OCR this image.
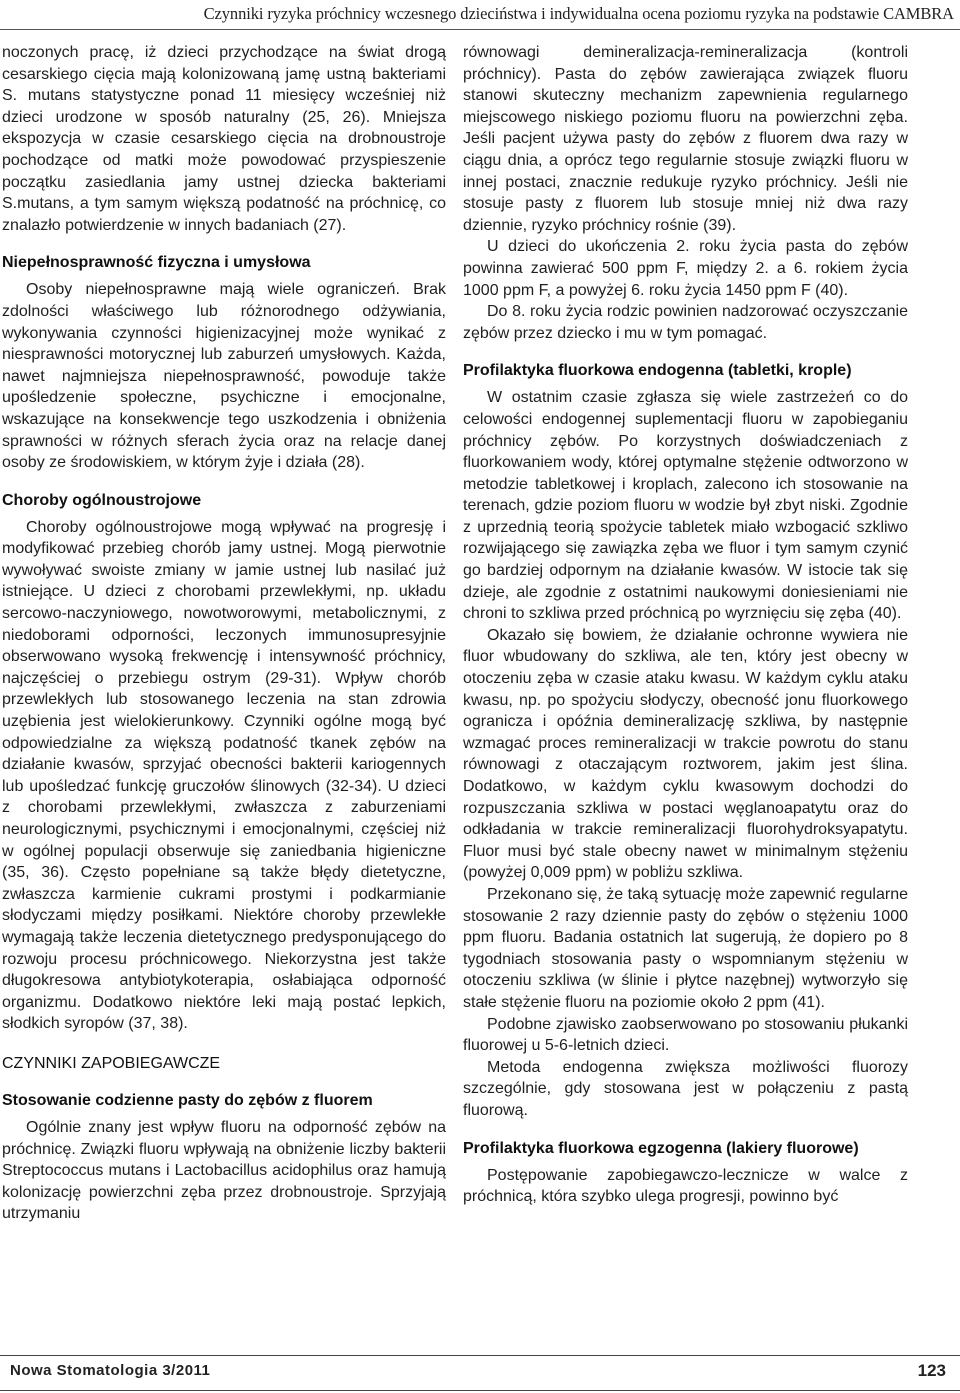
Czynniki ryzyka próchnicy wczesnego dzieciństwa i indywidualna ocena poziomu ryzyka na podstawie CAMBRA

noczonych pracę, iż dzieci przychodzące na świat drogą cesarskiego cięcia mają kolonizowaną jamę ustną bakteriami S. mutans statystyczne ponad 11 miesięcy wcześniej niż dzieci urodzone w sposób naturalny (25, 26). Mniejsza ekspozycja w czasie cesarskiego cięcia na drobnoustroje pochodzące od matki może powodować przyspieszenie początku zasiedlania jamy ustnej dziecka bakteriami S.mutans, a tym samym większą podatność na próchnicę, co znalazło potwierdzenie w innych badaniach (27).

Niepełnosprawność fizyczna i umysłowa

Osoby niepełnosprawne mają wiele ograniczeń. Brak zdolności właściwego lub różnorodnego odżywiania, wykonywania czynności higienizacyjnej może wynikać z niesprawności motorycznej lub zaburzeń umysłowych. Każda, nawet najmniejsza niepełnosprawność, powoduje także upośledzenie społeczne, psychiczne i emocjonalne, wskazujące na konsekwencje tego uszkodzenia i obniżenia sprawności w różnych sferach życia oraz na relacje danej osoby ze środowiskiem, w którym żyje i działa (28).

Choroby ogólnoustrojowe

Choroby ogólnoustrojowe mogą wpływać na progresję i modyfikować przebieg chorób jamy ustnej. Mogą pierwotnie wywoływać swoiste zmiany w jamie ustnej lub nasilać już istniejące. U dzieci z chorobami przewlekłymi, np. układu sercowo-naczyniowego, nowotworowymi, metabolicznymi, z niedoborami odporności, leczonych immunosupresyjnie obserwowano wysoką frekwencję i intensywność próchnicy, najczęściej o przebiegu ostrym (29-31). Wpływ chorób przewlekłych lub stosowanego leczenia na stan zdrowia uzębienia jest wielokierunkowy. Czynniki ogólne mogą być odpowiedzialne za większą podatność tkanek zębów na działanie kwasów, sprzyjać obecności bakterii kariogennych lub upośledzać funkcję gruczołów ślinowych (32-34). U dzieci z chorobami przewlekłymi, zwłaszcza z zaburzeniami neurologicznymi, psychicznymi i emocjonalnymi, częściej niż w ogólnej populacji obserwuje się zaniedbania higieniczne (35, 36). Często popełniane są także błędy dietetyczne, zwłaszcza karmienie cukrami prostymi i podkarmianie słodyczami między posiłkami. Niektóre choroby przewlekłe wymagają także leczenia dietetycznego predysponującego do rozwoju procesu próchnicowego. Niekorzystna jest także długokresowa antybiotykoterapia, osłabiająca odporność organizmu. Dodatkowo niektóre leki mają postać lepkich, słodkich syropów (37, 38).

CZYNNIKI ZAPOBIEGAWCZE
Stosowanie codzienne pasty do zębów z fluorem

Ogólnie znany jest wpływ fluoru na odporność zębów na próchnicę. Związki fluoru wpływają na obniżenie liczby bakterii Streptococcus mutans i Lactobacillus acidophilus oraz hamują kolonizację powierzchni zęba przez drobnoustroje. Sprzyjają utrzymaniu

równowagi demineralizacja-remineralizacja (kontroli próchnicy). Pasta do zębów zawierająca związek fluoru stanowi skuteczny mechanizm zapewnienia regularnego miejscowego niskiego poziomu fluoru na powierzchni zęba. Jeśli pacjent używa pasty do zębów z fluorem dwa razy w ciągu dnia, a oprócz tego regularnie stosuje związki fluoru w innej postaci, znacznie redukuje ryzyko próchnicy. Jeśli nie stosuje pasty z fluorem lub stosuje mniej niż dwa razy dziennie, ryzyko próchnicy rośnie (39).

U dzieci do ukończenia 2. roku życia pasta do zębów powinna zawierać 500 ppm F, między 2. a 6. rokiem życia 1000 ppm F, a powyżej 6. roku życia 1450 ppm F (40).

Do 8. roku życia rodzic powinien nadzorować oczyszczanie zębów przez dziecko i mu w tym pomagać.

Profilaktyka fluorkowa endogenna (tabletki, krople)

W ostatnim czasie zgłasza się wiele zastrzeżeń co do celowości endogennej suplementacji fluoru w zapobieganiu próchnicy zębów. Po korzystnych doświadczeniach z fluorkowaniem wody, której optymalne stężenie odtworzono w metodzie tabletkowej i kroplach, zalecono ich stosowanie na terenach, gdzie poziom fluoru w wodzie był zbyt niski. Zgodnie z uprzednią teorią spożycie tabletek miało wzbogacić szkliwo rozwijającego się zawiązka zęba we fluor i tym samym czynić go bardziej odpornym na działanie kwasów. W istocie tak się dzieje, ale zgodnie z ostatnimi naukowymi doniesieniami nie chroni to szkliwa przed próchnicą po wyrznięciu się zęba (40).

Okazało się bowiem, że działanie ochronne wywiera nie fluor wbudowany do szkliwa, ale ten, który jest obecny w otoczeniu zęba w czasie ataku kwasu. W każdym cyklu ataku kwasu, np. po spożyciu słodyczy, obecność jonu fluorkowego ogranicza i opóźnia demineralizację szkliwa, by następnie wzmagać proces remineralizacji w trakcie powrotu do stanu równowagi z otaczającym roztworem, jakim jest ślina. Dodatkowo, w każdym cyklu kwasowym dochodzi do rozpuszczania szkliwa w postaci węglanoapatytu oraz do odkładania w trakcie remineralizacji fluorohydroksyapatytu. Fluor musi być stale obecny nawet w minimalnym stężeniu (powyżej 0,009 ppm) w pobliżu szkliwa.

Przekonano się, że taką sytuację może zapewnić regularne stosowanie 2 razy dziennie pasty do zębów o stężeniu 1000 ppm fluoru. Badania ostatnich lat sugerują, że dopiero po 8 tygodniach stosowania pasty o wspomnianym stężeniu w otoczeniu szkliwa (w ślinie i płytce nazębnej) wytworzyło się stałe stężenie fluoru na poziomie około 2 ppm (41).

Podobne zjawisko zaobserwowano po stosowaniu płukanki fluorowej u 5-6-letnich dzieci.

Metoda endogenna zwiększa możliwości fluorozy szczególnie, gdy stosowana jest w połączeniu z pastą fluorową.

Profilaktyka fluorkowa egzogenna (lakiery fluorowe)

Postępowanie zapobiegawczo-lecznicze w walce z próchnicą, która szybko ulega progresji, powinno być

Nowa Stomatologia 3/2011	123
